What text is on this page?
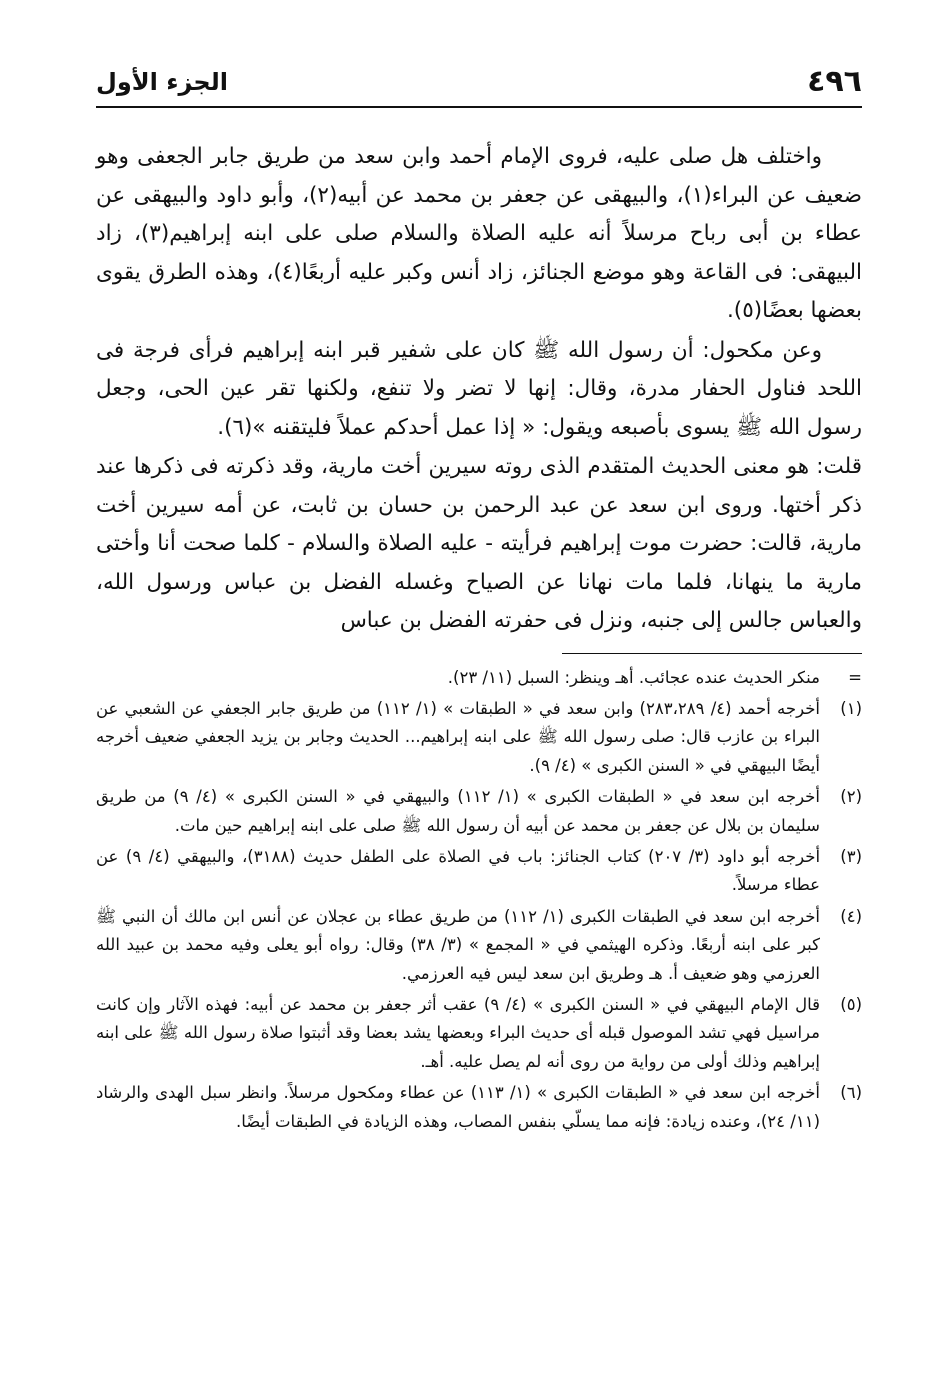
٤٩٦
الجزء الأول

واختلف هل صلى عليه، فروى الإمام أحمد وابن سعد من طريق جابر الجعفى وهو ضعيف عن البراء(١)، والبيهقى عن جعفر بن محمد عن أبيه(٢)، وأبو داود والبيهقى عن عطاء بن أبى رباح مرسلاً أنه عليه الصلاة والسلام صلى على ابنه إبراهيم(٣)، زاد البيهقى: فى القاعة وهو موضع الجنائز، زاد أنس وكبر عليه أربعًا(٤)، وهذه الطرق يقوى بعضها بعضًا(٥).

وعن مكحول: أن رسول الله ﷺ كان على شفير قبر ابنه إبراهيم فرأى فرجة فى اللحد فناول الحفار مدرة، وقال: إنها لا تضر ولا تنفع، ولكنها تقر عين الحى، وجعل رسول الله ﷺ يسوى بأصبعه ويقول: « إذا عمل أحدكم عملاً فليتقنه »(٦).

قلت: هو معنى الحديث المتقدم الذى روته سيرين أخت مارية، وقد ذكرته فى ذكرها عند ذكر أختها. وروى ابن سعد عن عبد الرحمن بن حسان بن ثابت، عن أمه سيرين أخت مارية، قالت: حضرت موت إبراهيم فرأيته - عليه الصلاة والسلام - كلما صحت أنا وأختى مارية ما ينهانا، فلما مات نهانا عن الصياح وغسله الفضل بن عباس ورسول الله، والعباس جالس إلى جنبه، ونزل فى حفرته الفضل بن عباس

=
منكر الحديث عنده عجائب. أهـ وينظر: السبل (١١/ ٢٣).
(١)
أخرجه أحمد (٤/ ٢٨٣،٢٨٩) وابن سعد في « الطبقات » (١/ ١١٢) من طريق جابر الجعفي عن الشعبي عن البراء بن عازب قال: صلى رسول الله ﷺ على ابنه إبراهيم... الحديث وجابر بن يزيد الجعفي ضعيف أخرجه أيضًا البيهقي في « السنن الكبرى » (٤/ ٩).
(٢)
أخرجه ابن سعد في « الطبقات الكبرى » (١/ ١١٢) والبيهقي في « السنن الكبرى » (٤/ ٩) من طريق سليمان بن بلال عن جعفر بن محمد عن أبيه أن رسول الله ﷺ صلى على ابنه إبراهيم حين مات.
(٣)
أخرجه أبو داود (٣/ ٢٠٧) كتاب الجنائز: باب في الصلاة على الطفل حديث (٣١٨٨)، والبيهقي (٤/ ٩) عن عطاء مرسلاً.
(٤)
أخرجه ابن سعد في الطبقات الكبرى (١/ ١١٢) من طريق عطاء بن عجلان عن أنس ابن مالك أن النبي ﷺ كبر على ابنه أربعًا. وذكره الهيثمي في « المجمع » (٣/ ٣٨) وقال: رواه أبو يعلى وفيه محمد بن عبيد الله العرزمي وهو ضعيف أ. هـ وطريق ابن سعد ليس فيه العرزمي.
(٥)
قال الإمام البيهقي في « السنن الكبرى » (٤/ ٩) عقب أثر جعفر بن محمد عن أبيه: فهذه الآثار وإن كانت مراسيل فهي تشد الموصول قبله أى حديث البراء وبعضها يشد بعضا وقد أثبتوا صلاة رسول الله ﷺ على ابنه إبراهيم وذلك أولى من رواية من روى أنه لم يصل عليه. أهـ.
(٦)
أخرجه ابن سعد في « الطبقات الكبرى » (١/ ١١٣) عن عطاء ومكحول مرسلاً. وانظر سبل الهدى والرشاد (١١/ ٢٤)، وعنده زيادة: فإنه مما يسلّي بنفس المصاب، وهذه الزيادة في الطبقات أيضًا.
